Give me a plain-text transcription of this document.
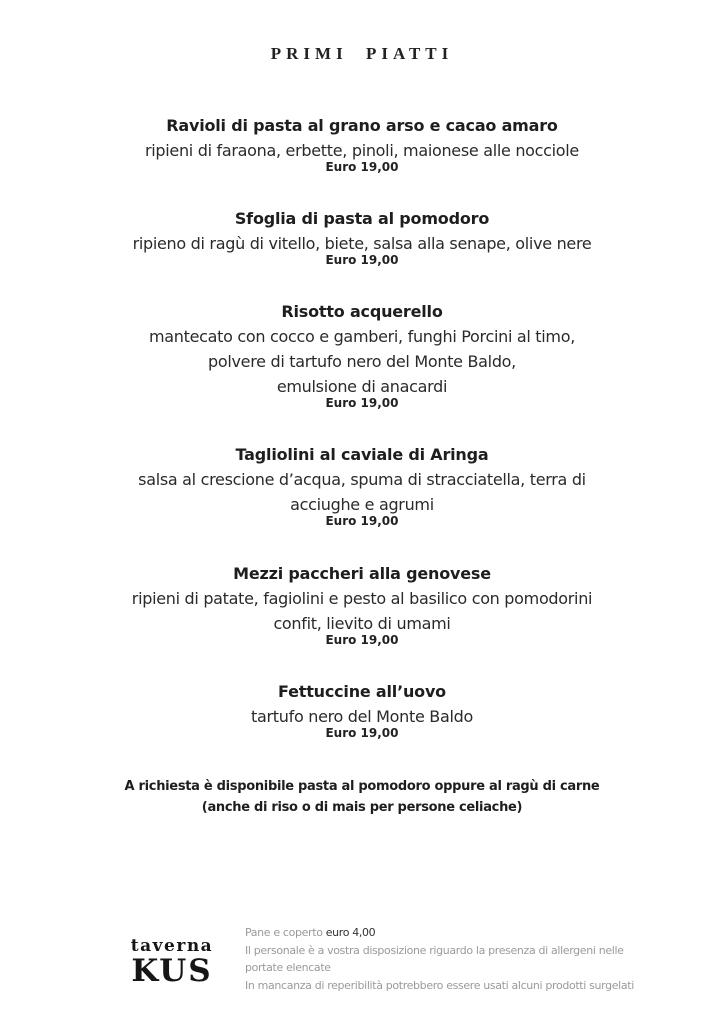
PRIMI PIATTI
Ravioli di pasta al grano arso e cacao amaro
ripieni di faraona, erbette, pinoli, maionese alle nocciole
Euro 19,00
Sfoglia di pasta al pomodoro
ripieno di ragù di vitello, biete, salsa alla senape, olive nere
Euro 19,00
Risotto acquerello
mantecato con cocco e gamberi, funghi Porcini al timo,
polvere di tartufo nero del Monte Baldo,
emulsione di anacardi
Euro 19,00
Tagliolini al caviale di Aringa
salsa al crescione d’acqua, spuma di stracciatella, terra di
acciughe e agrumi
Euro 19,00
Mezzi paccheri alla genovese
ripieni di patate, fagiolini e pesto al basilico con pomodorini
confit, lievito di umami
Euro 19,00
Fettuccine all’uovo
tartufo nero del Monte Baldo
Euro 19,00
A richiesta è disponibile pasta al pomodoro oppure al ragù di carne
(anche di riso o di mais per persone celiache)
taverna
KUS
Pane e coperto euro 4,00
Il personale è a vostra disposizione riguardo la presenza di allergeni nelle
portate elencate
In mancanza di reperibilità potrebbero essere usati alcuni prodotti surgelati
